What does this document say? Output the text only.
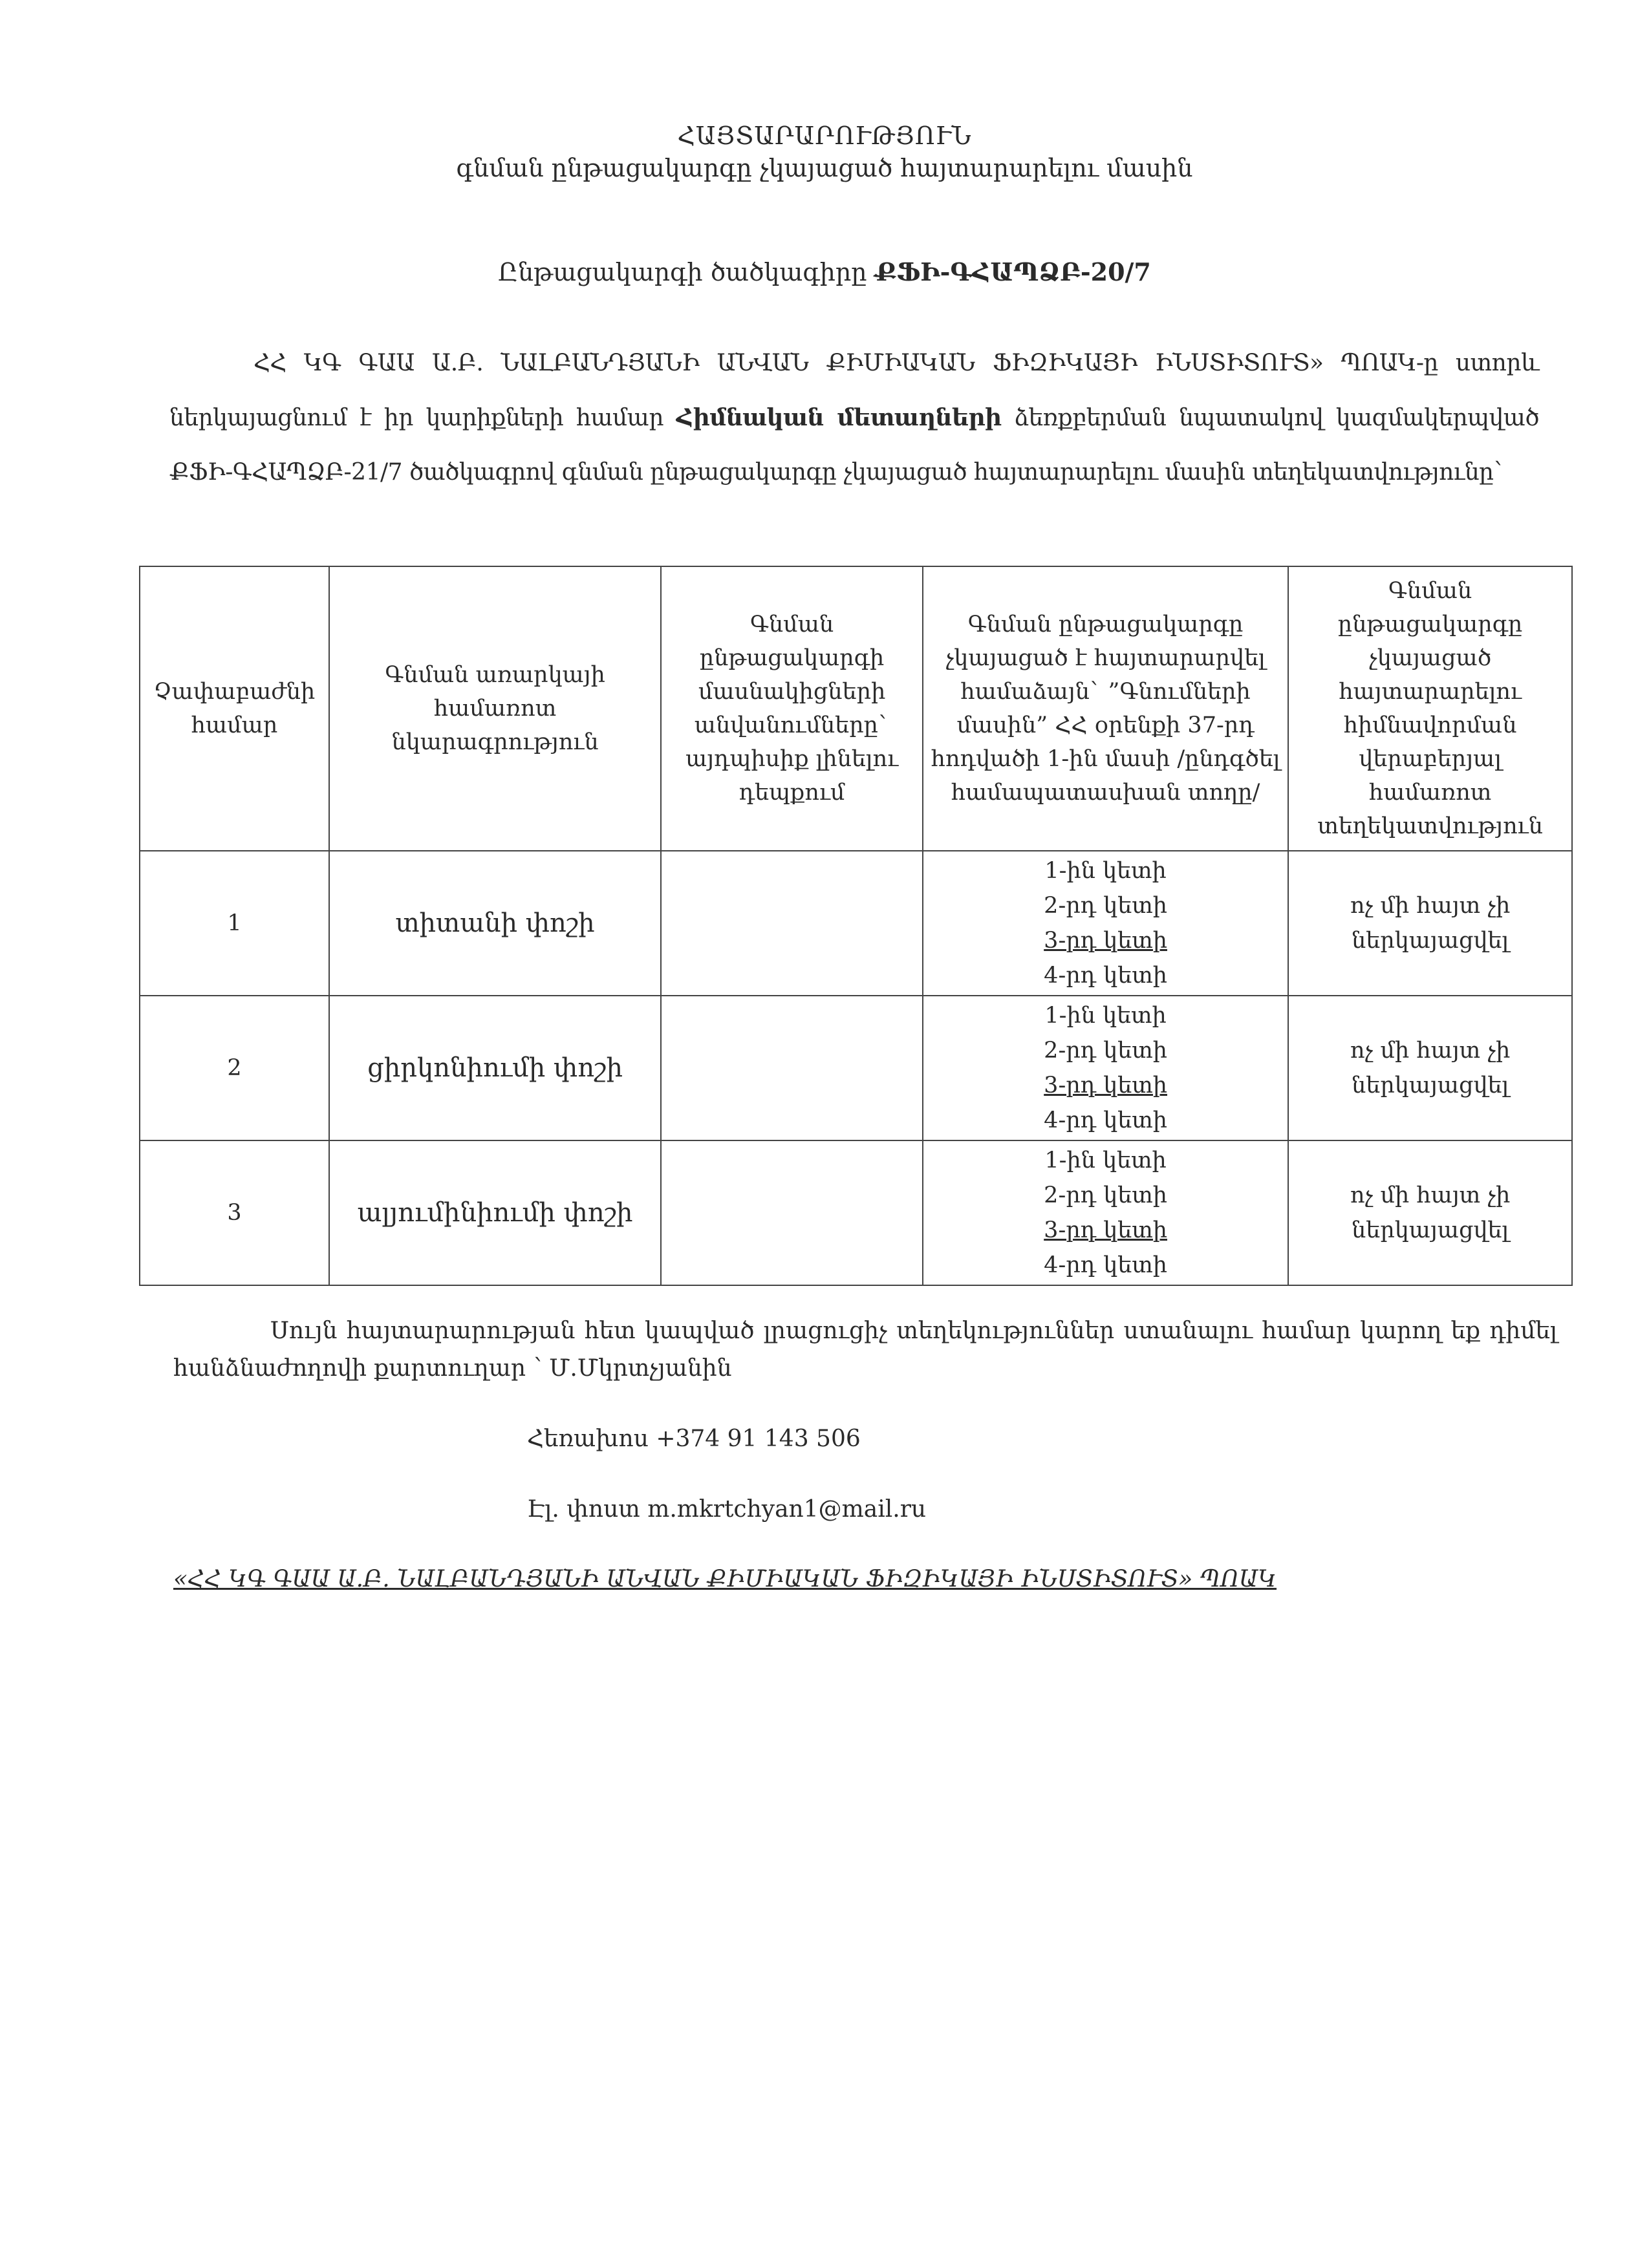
ՀԱՅՏԱՐԱՐՈՒԹՅՈՒՆ
գնման ընթացակարգը չկայացած հայտարարելու մասին
Ընթացակարգի ծածկագիրը ՔՖԻ-ԳՀԱՊՁԲ-20/7
ՀՀ ԿԳ ԳԱԱ Ա.Բ. ՆԱԼԲԱՆԴՅԱՆԻ ԱՆՎԱՆ ՔԻՄԻԱԿԱՆ ՖԻԶԻԿԱՅԻ ԻՆՍՏԻՏՈՒՏ» ՊՈԱԿ-ը ստորև ներկայացնում է իր կարիքների համար Հիմնական մետաղների ձեռքբերման նպատակով կազմակերպված ՔՖԻ-ԳՀԱՊՁԲ-21/7 ծածկագրով գնման ընթացակարգը չկայացած հայտարարելու մասին տեղեկատվությունը`
Չափաբաժնի համար	Գնման առարկայի համառոտ նկարագրություն	Գնման ընթացակարգի մասնակիցների անվանումները` այդպիսիք լինելու դեպքում	Գնման ընթացակարգը չկայացած է հայտարարվել համաձայն` ”Գնումների մասին” ՀՀ օրենքի 37-րդ հոդվածի 1-ին մասի /ընդգծել համապատասխան տողը/	Գնման ընթացակարգը չկայացած հայտարարելու հիմնավորման վերաբերյալ համառոտ տեղեկատվություն
1	տիտանի փոշի		1-ին կետի
2-րդ կետի
3-րդ կետի
4-րդ կետի	ոչ մի հայտ չի ներկայացվել
2	ցիրկոնիումի փոշի		1-ին կետի
2-րդ կետի
3-րդ կետի
4-րդ կետի	ոչ մի հայտ չի ներկայացվել
3	ալյումինիումի փոշի		1-ին կետի
2-րդ կետի
3-րդ կետի
4-րդ կետի	ոչ մի հայտ չի ներկայացվել
Սույն հայտարարության հետ կապված լրացուցիչ տեղեկություններ ստանալու համար կարող եք դիմել հանձնաժողովի քարտուղար ՝ Մ.Մկրտչյանին
Հեռախոս +374 91 143 506
Էլ. փոստ m.mkrtchyan1@mail.ru
«ՀՀ ԿԳ ԳԱԱ Ա.Բ. ՆԱԼԲԱՆԴՅԱՆԻ ԱՆՎԱՆ ՔԻՄԻԱԿԱՆ ՖԻԶԻԿԱՅԻ ԻՆՍՏԻՏՈՒՏ» ՊՈԱԿ
